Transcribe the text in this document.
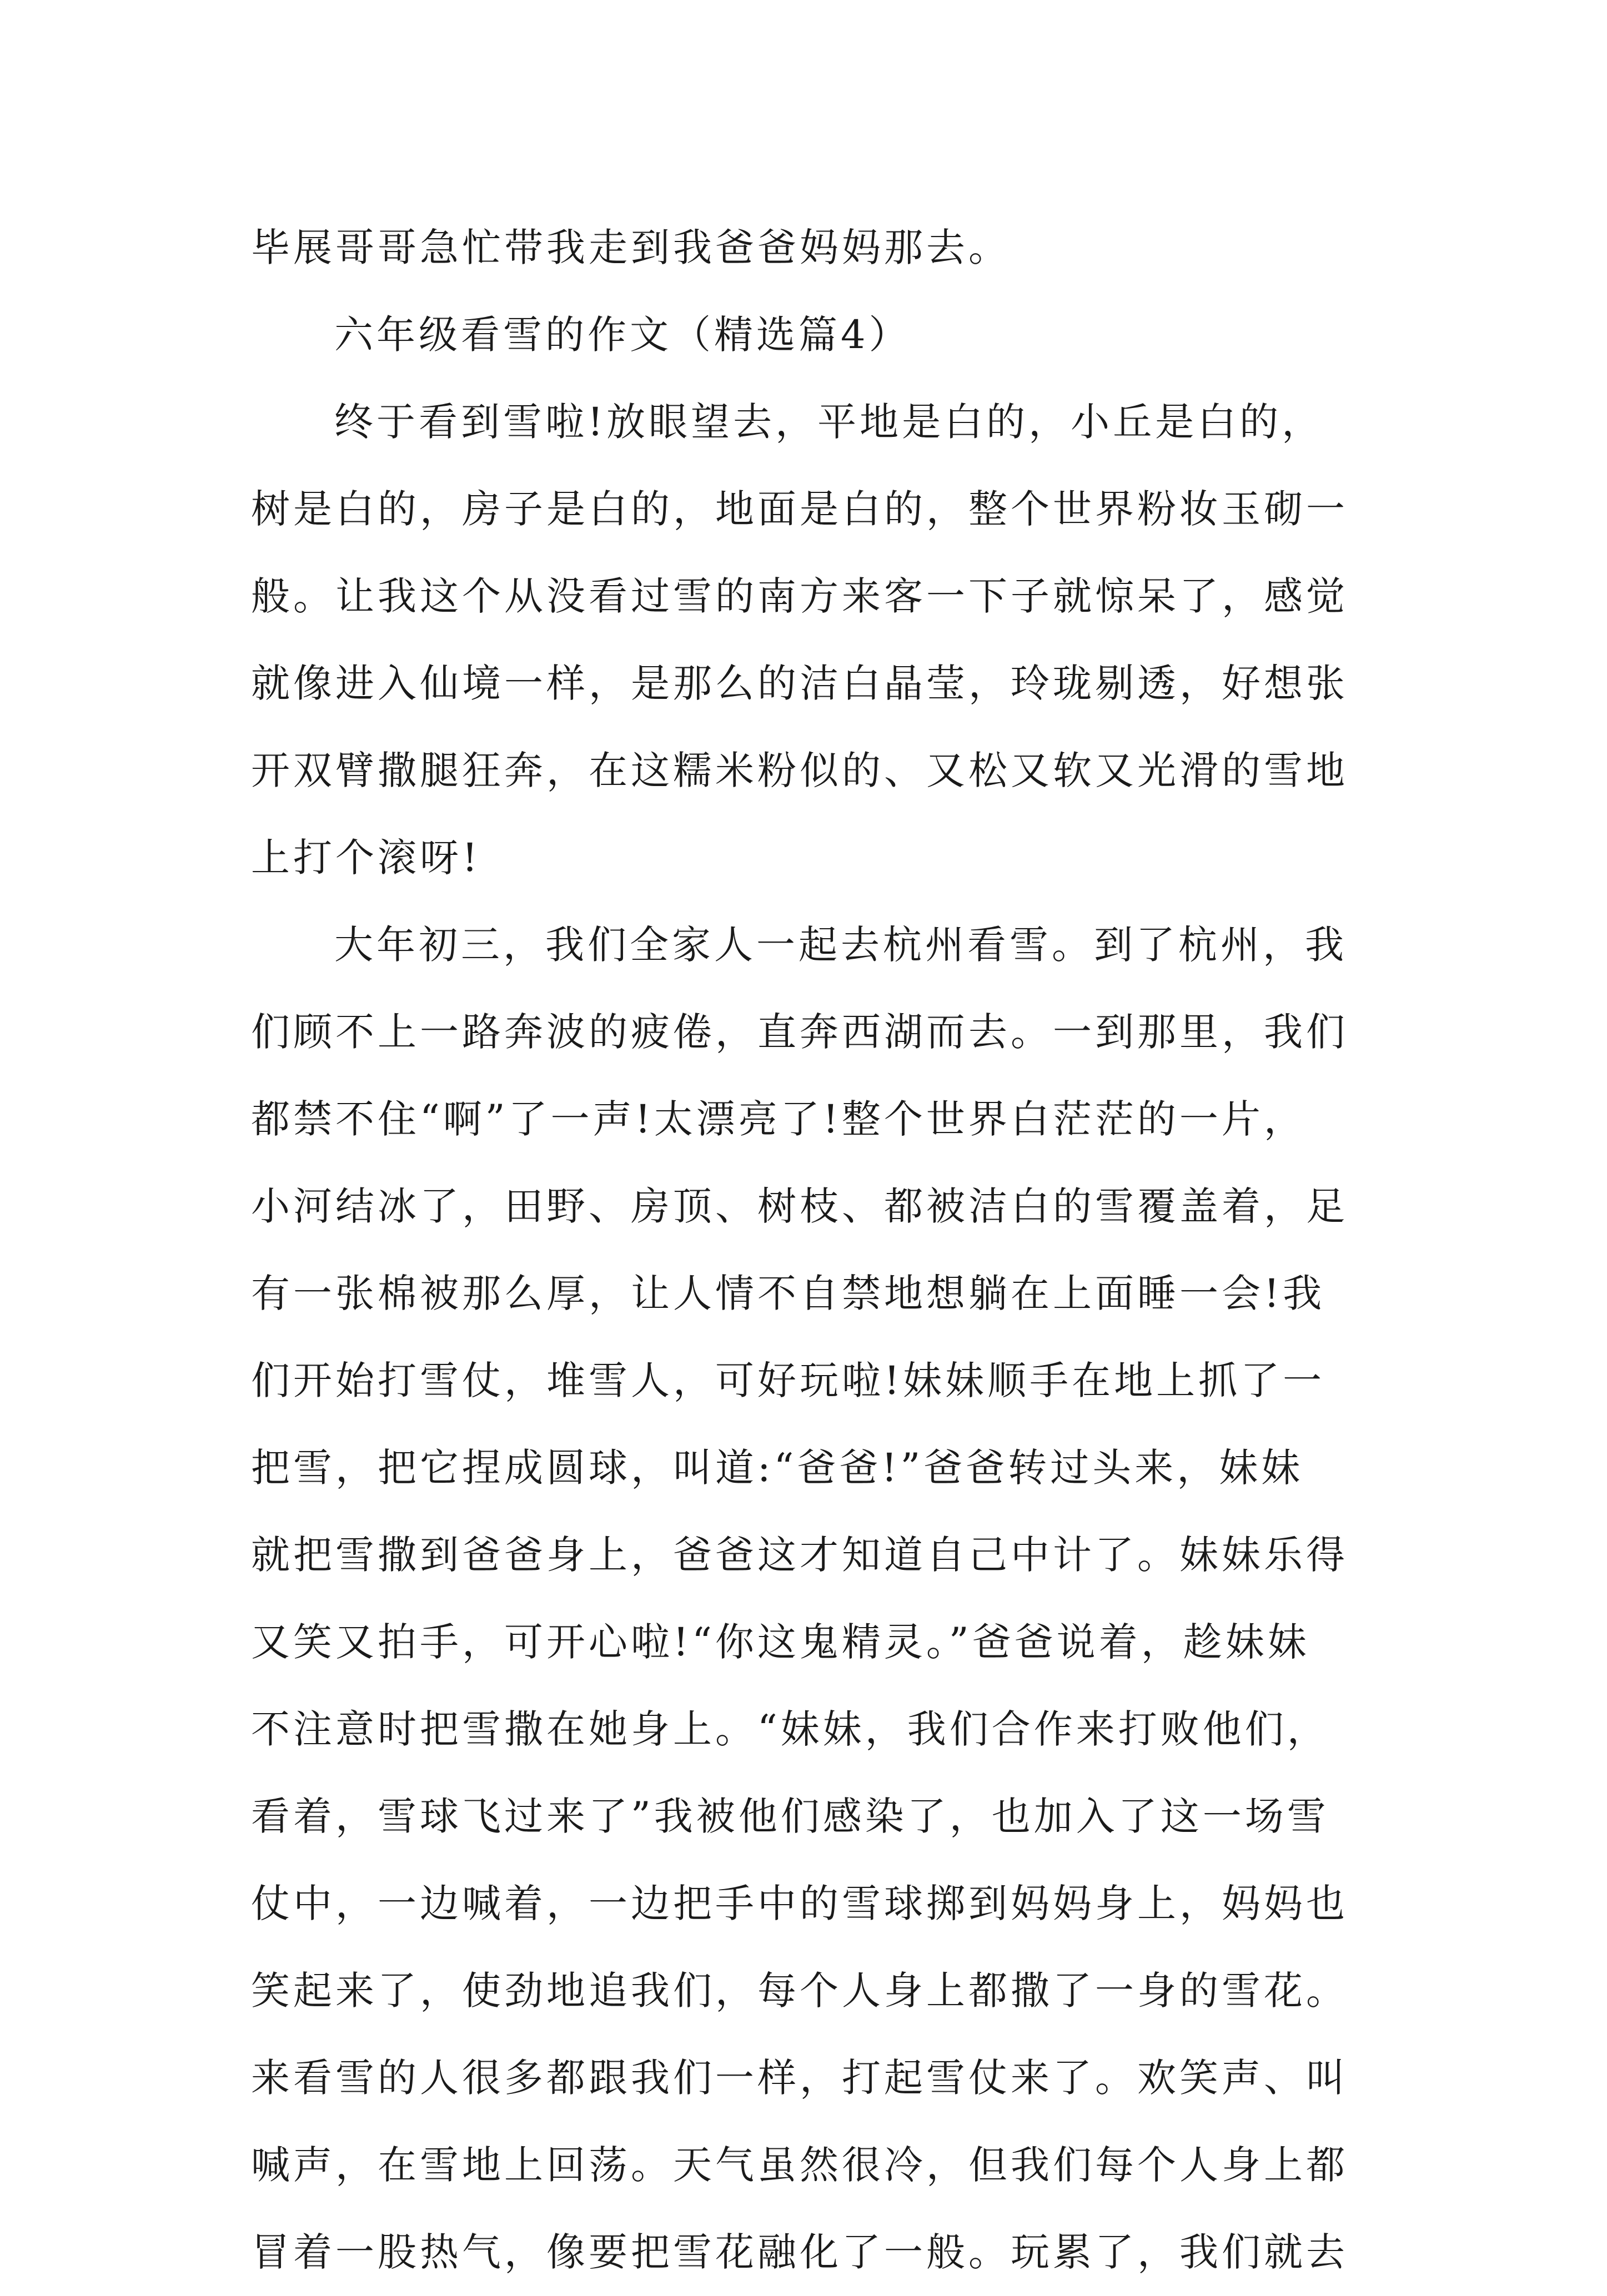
毕展哥哥急忙带我走到我爸爸妈妈那去。
六年级看雪的作文（精选篇4）
终于看到雪啦!放眼望去，平地是白的，小丘是白的，
树是白的，房子是白的，地面是白的，整个世界粉妆玉砌一
般。让我这个从没看过雪的南方来客一下子就惊呆了，感觉
就像进入仙境一样，是那么的洁白晶莹，玲珑剔透，好想张
开双臂撒腿狂奔，在这糯米粉似的、又松又软又光滑的雪地
上打个滚呀!
大年初三，我们全家人一起去杭州看雪。到了杭州，我
们顾不上一路奔波的疲倦，直奔西湖而去。一到那里，我们
都禁不住“啊”了一声!太漂亮了!整个世界白茫茫的一片，
小河结冰了，田野、房顶、树枝、都被洁白的雪覆盖着，足
有一张棉被那么厚，让人情不自禁地想躺在上面睡一会!我
们开始打雪仗，堆雪人，可好玩啦!妹妹顺手在地上抓了一
把雪，把它捏成圆球，叫道:“爸爸!”爸爸转过头来，妹妹
就把雪撒到爸爸身上，爸爸这才知道自己中计了。妹妹乐得
又笑又拍手，可开心啦!“你这鬼精灵。”爸爸说着，趁妹妹
不注意时把雪撒在她身上。“妹妹，我们合作来打败他们，
看着，雪球飞过来了”我被他们感染了，也加入了这一场雪
仗中，一边喊着，一边把手中的雪球掷到妈妈身上，妈妈也
笑起来了，使劲地追我们，每个人身上都撒了一身的雪花。
来看雪的人很多都跟我们一样，打起雪仗来了。欢笑声、叫
喊声，在雪地上回荡。天气虽然很冷，但我们每个人身上都
冒着一股热气，像要把雪花融化了一般。玩累了，我们就去
